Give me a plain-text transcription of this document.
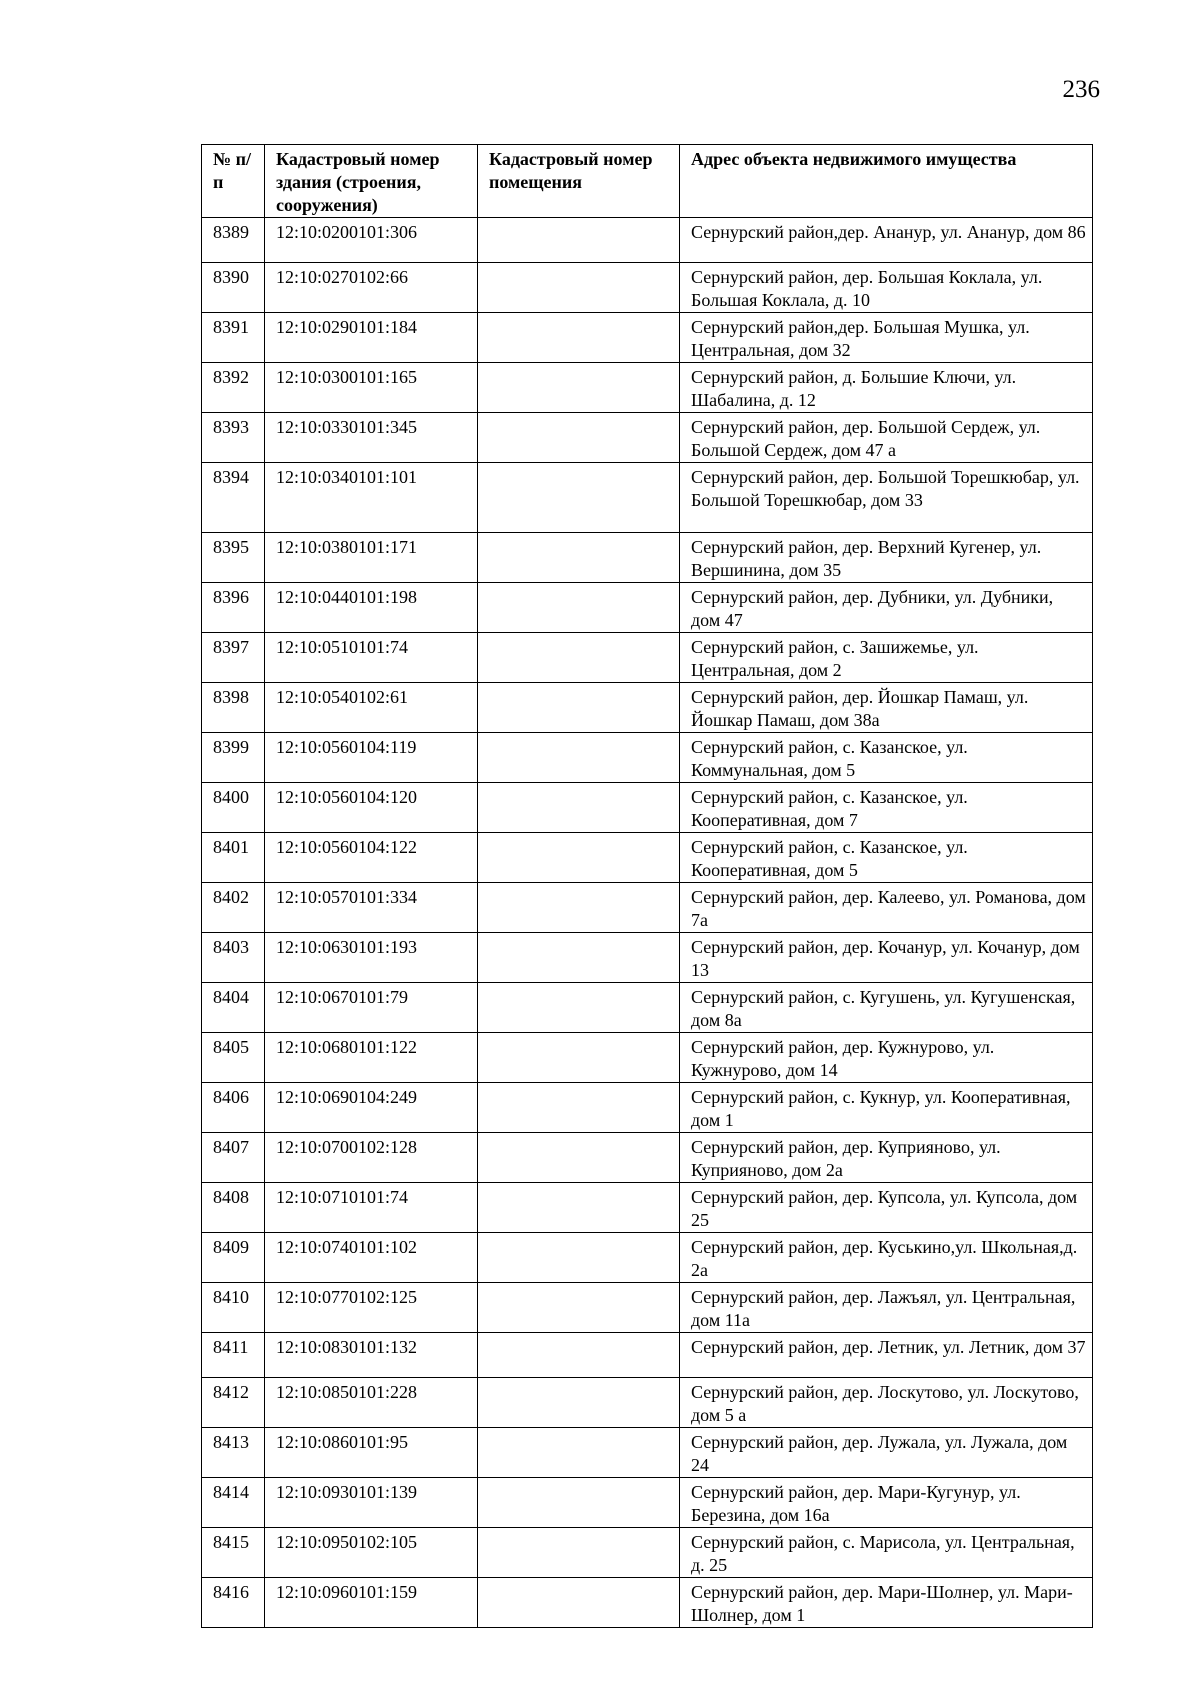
236
№ п/п	Кадастровый номер здания (строения, сооружения)	Кадастровый номер помещения	Адрес объекта недвижимого имущества
8389	12:10:0200101:306		Сернурский район,дер. Ананур, ул. Ананур, дом 86
8390	12:10:0270102:66		Сернурский район, дер. Большая Коклала, ул. Большая Коклала, д. 10
8391	12:10:0290101:184		Сернурский район,дер. Большая Мушка, ул. Центральная, дом 32
8392	12:10:0300101:165		Сернурский район, д. Большие Ключи, ул. Шабалина, д. 12
8393	12:10:0330101:345		Сернурский район, дер. Большой Сердеж, ул. Большой Сердеж, дом 47 а
8394	12:10:0340101:101		Сернурский район, дер. Большой Торешкюбар, ул. Большой Торешкюбар, дом 33
8395	12:10:0380101:171		Сернурский район, дер. Верхний Кугенер, ул. Вершинина, дом 35
8396	12:10:0440101:198		Сернурский район, дер. Дубники, ул. Дубники, дом 47
8397	12:10:0510101:74		Сернурский район, с. Зашижемье, ул. Центральная, дом 2
8398	12:10:0540102:61		Сернурский район, дер. Йошкар Памаш, ул. Йошкар Памаш, дом 38а
8399	12:10:0560104:119		Сернурский район, с. Казанское, ул. Коммунальная, дом 5
8400	12:10:0560104:120		Сернурский район, с. Казанское, ул. Кооперативная, дом 7
8401	12:10:0560104:122		Сернурский район, с. Казанское, ул. Кооперативная, дом 5
8402	12:10:0570101:334		Сернурский район, дер. Калеево, ул. Романова, дом 7а
8403	12:10:0630101:193		Сернурский район, дер. Кочанур, ул. Кочанур, дом 13
8404	12:10:0670101:79		Сернурский район, с. Кугушень, ул. Кугушенская, дом 8а
8405	12:10:0680101:122		Сернурский район, дер. Кужнурово, ул. Кужнурово, дом 14
8406	12:10:0690104:249		Сернурский район, с. Кукнур, ул. Кооперативная, дом 1
8407	12:10:0700102:128		Сернурский район, дер. Куприяново, ул. Куприяново, дом 2а
8408	12:10:0710101:74		Сернурский район, дер. Купсола, ул. Купсола, дом 25
8409	12:10:0740101:102		Сернурский район, дер. Куськино,ул. Школьная,д. 2а
8410	12:10:0770102:125		Сернурский район, дер. Лажъял, ул. Центральная, дом 11а
8411	12:10:0830101:132		Сернурский район, дер. Летник, ул. Летник, дом 37
8412	12:10:0850101:228		Сернурский район, дер. Лоскутово, ул. Лоскутово, дом 5 а
8413	12:10:0860101:95		Сернурский район, дер. Лужала, ул. Лужала, дом 24
8414	12:10:0930101:139		Сернурский район, дер. Мари-Кугунур, ул. Березина, дом 16а
8415	12:10:0950102:105		Сернурский район, с. Марисола, ул. Центральная, д. 25
8416	12:10:0960101:159		Сернурский район, дер. Мари-Шолнер, ул. Мари-Шолнер, дом 1
